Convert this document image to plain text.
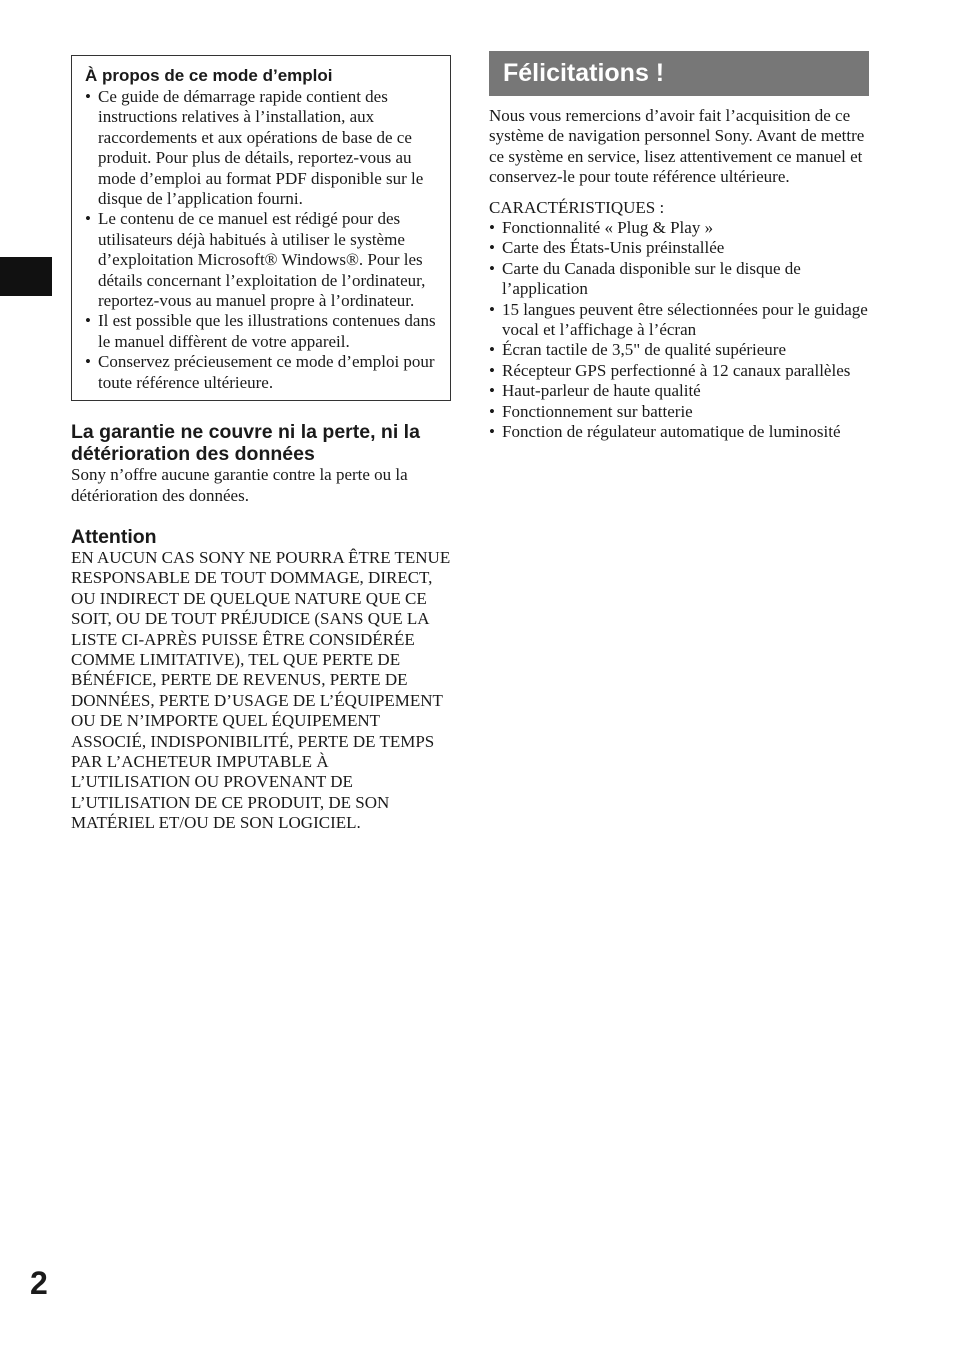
À propos de ce mode d’emploi
• Ce guide de démarrage rapide contient des instructions relatives à l’installation, aux raccordements et aux opérations de base de ce produit. Pour plus de détails, reportez-vous au mode d’emploi au format PDF disponible sur le disque de l’application fourni.
• Le contenu de ce manuel est rédigé pour des utilisateurs déjà habitués à utiliser le système d’exploitation Microsoft® Windows®. Pour les détails concernant l’exploitation de l’ordinateur, reportez-vous au manuel propre à l’ordinateur.
• Il est possible que les illustrations contenues dans le manuel diffèrent de votre appareil.
• Conservez précieusement ce mode d’emploi pour toute référence ultérieure.
La garantie ne couvre ni la perte, ni la détérioration des données
Sony n’offre aucune garantie contre la perte ou la détérioration des données.
Attention
EN AUCUN CAS SONY NE POURRA ÊTRE TENUE RESPONSABLE DE TOUT DOMMAGE, DIRECT, OU INDIRECT DE QUELQUE NATURE QUE CE SOIT, OU DE TOUT PRÉJUDICE (SANS QUE LA LISTE CI-APRÈS PUISSE ÊTRE CONSIDÉRÉE COMME LIMITATIVE), TEL QUE PERTE DE BÉNÉFICE, PERTE DE REVENUS, PERTE DE DONNÉES, PERTE D’USAGE DE L’ÉQUIPEMENT OU DE N’IMPORTE QUEL ÉQUIPEMENT ASSOCIÉ, INDISPONIBILITÉ, PERTE DE TEMPS PAR L’ACHETEUR IMPUTABLE À L’UTILISATION OU PROVENANT DE L’UTILISATION DE CE PRODUIT, DE SON MATÉRIEL ET/OU DE SON LOGICIEL.
Félicitations !
Nous vous remercions d’avoir fait l’acquisition de ce système de navigation personnel Sony. Avant de mettre ce système en service, lisez attentivement ce manuel et conservez-le pour toute référence ultérieure.
CARACTÉRISTIQUES :
• Fonctionnalité « Plug & Play »
• Carte des États-Unis préinstallée
• Carte du Canada disponible sur le disque de l’application
• 15 langues peuvent être sélectionnées pour le guidage vocal et l’affichage à l’écran
• Écran tactile de 3,5" de qualité supérieure
• Récepteur GPS perfectionné à 12 canaux parallèles
• Haut-parleur de haute qualité
• Fonctionnement sur batterie
• Fonction de régulateur automatique de luminosité
2
